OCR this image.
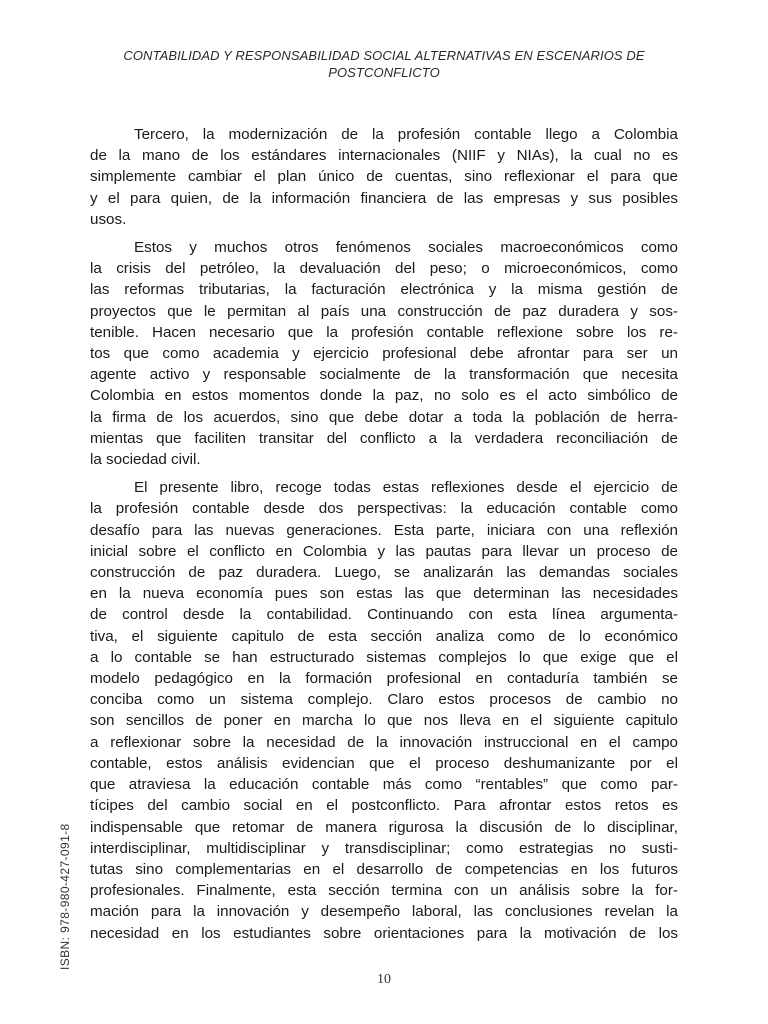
CONTABILIDAD Y RESPONSABILIDAD SOCIAL ALTERNATIVAS EN ESCENARIOS DE
POSTCONFLICTO
Tercero, la modernización de la profesión contable llego a Colombia
de la mano de los estándares internacionales (NIIF y NIAs), la cual no es
simplemente cambiar el plan único de cuentas, sino reflexionar el para que
y el para quien, de la información financiera de las empresas y sus posibles
usos.
Estos y muchos otros fenómenos sociales macroeconómicos como
la crisis del petróleo, la devaluación del peso; o microeconómicos, como
las reformas tributarias, la facturación electrónica y la misma gestión de
proyectos que le permitan al país una construcción de paz duradera y sos-
tenible. Hacen necesario que la profesión contable reflexione sobre los re-
tos que como academia y ejercicio profesional debe afrontar para ser un
agente activo y responsable socialmente de la transformación que necesita
Colombia en estos momentos donde la paz, no solo es el acto simbólico de
la firma de los acuerdos, sino que debe dotar a toda la población de herra-
mientas que faciliten transitar del conflicto a la verdadera reconciliación de
la sociedad civil.
El presente libro, recoge todas estas reflexiones desde el ejercicio de
la profesión contable desde dos perspectivas: la educación contable como
desafío para las nuevas generaciones. Esta parte, iniciara con una reflexión
inicial sobre el conflicto en Colombia y las pautas para llevar un proceso de
construcción de paz duradera. Luego, se analizarán las demandas sociales
en la nueva economía pues son estas las que determinan las necesidades
de control desde la contabilidad. Continuando con esta línea argumenta-
tiva, el siguiente capitulo de esta sección analiza como de lo económico
a lo contable se han estructurado sistemas complejos lo que exige que el
modelo pedagógico en la formación profesional en contaduría también se
conciba como un sistema complejo. Claro estos procesos de cambio no
son sencillos de poner en marcha lo que nos lleva en el siguiente capitulo
a reflexionar sobre la necesidad de la innovación instruccional en el campo
contable, estos análisis evidencian que el proceso deshumanizante por el
que atraviesa la educación contable más como “rentables” que como par-
tícipes del cambio social en el postconflicto. Para afrontar estos retos es
indispensable que retomar de manera rigurosa la discusión de lo disciplinar,
interdisciplinar, multidisciplinar y transdisciplinar; como estrategias no susti-
tutas sino complementarias en el desarrollo de competencias en los futuros
profesionales. Finalmente, esta sección termina con un análisis sobre la for-
mación para la innovación y desempeño laboral, las conclusiones revelan la
necesidad en los estudiantes sobre orientaciones para la motivación de los
ISBN: 978-980-427-091-8
10
